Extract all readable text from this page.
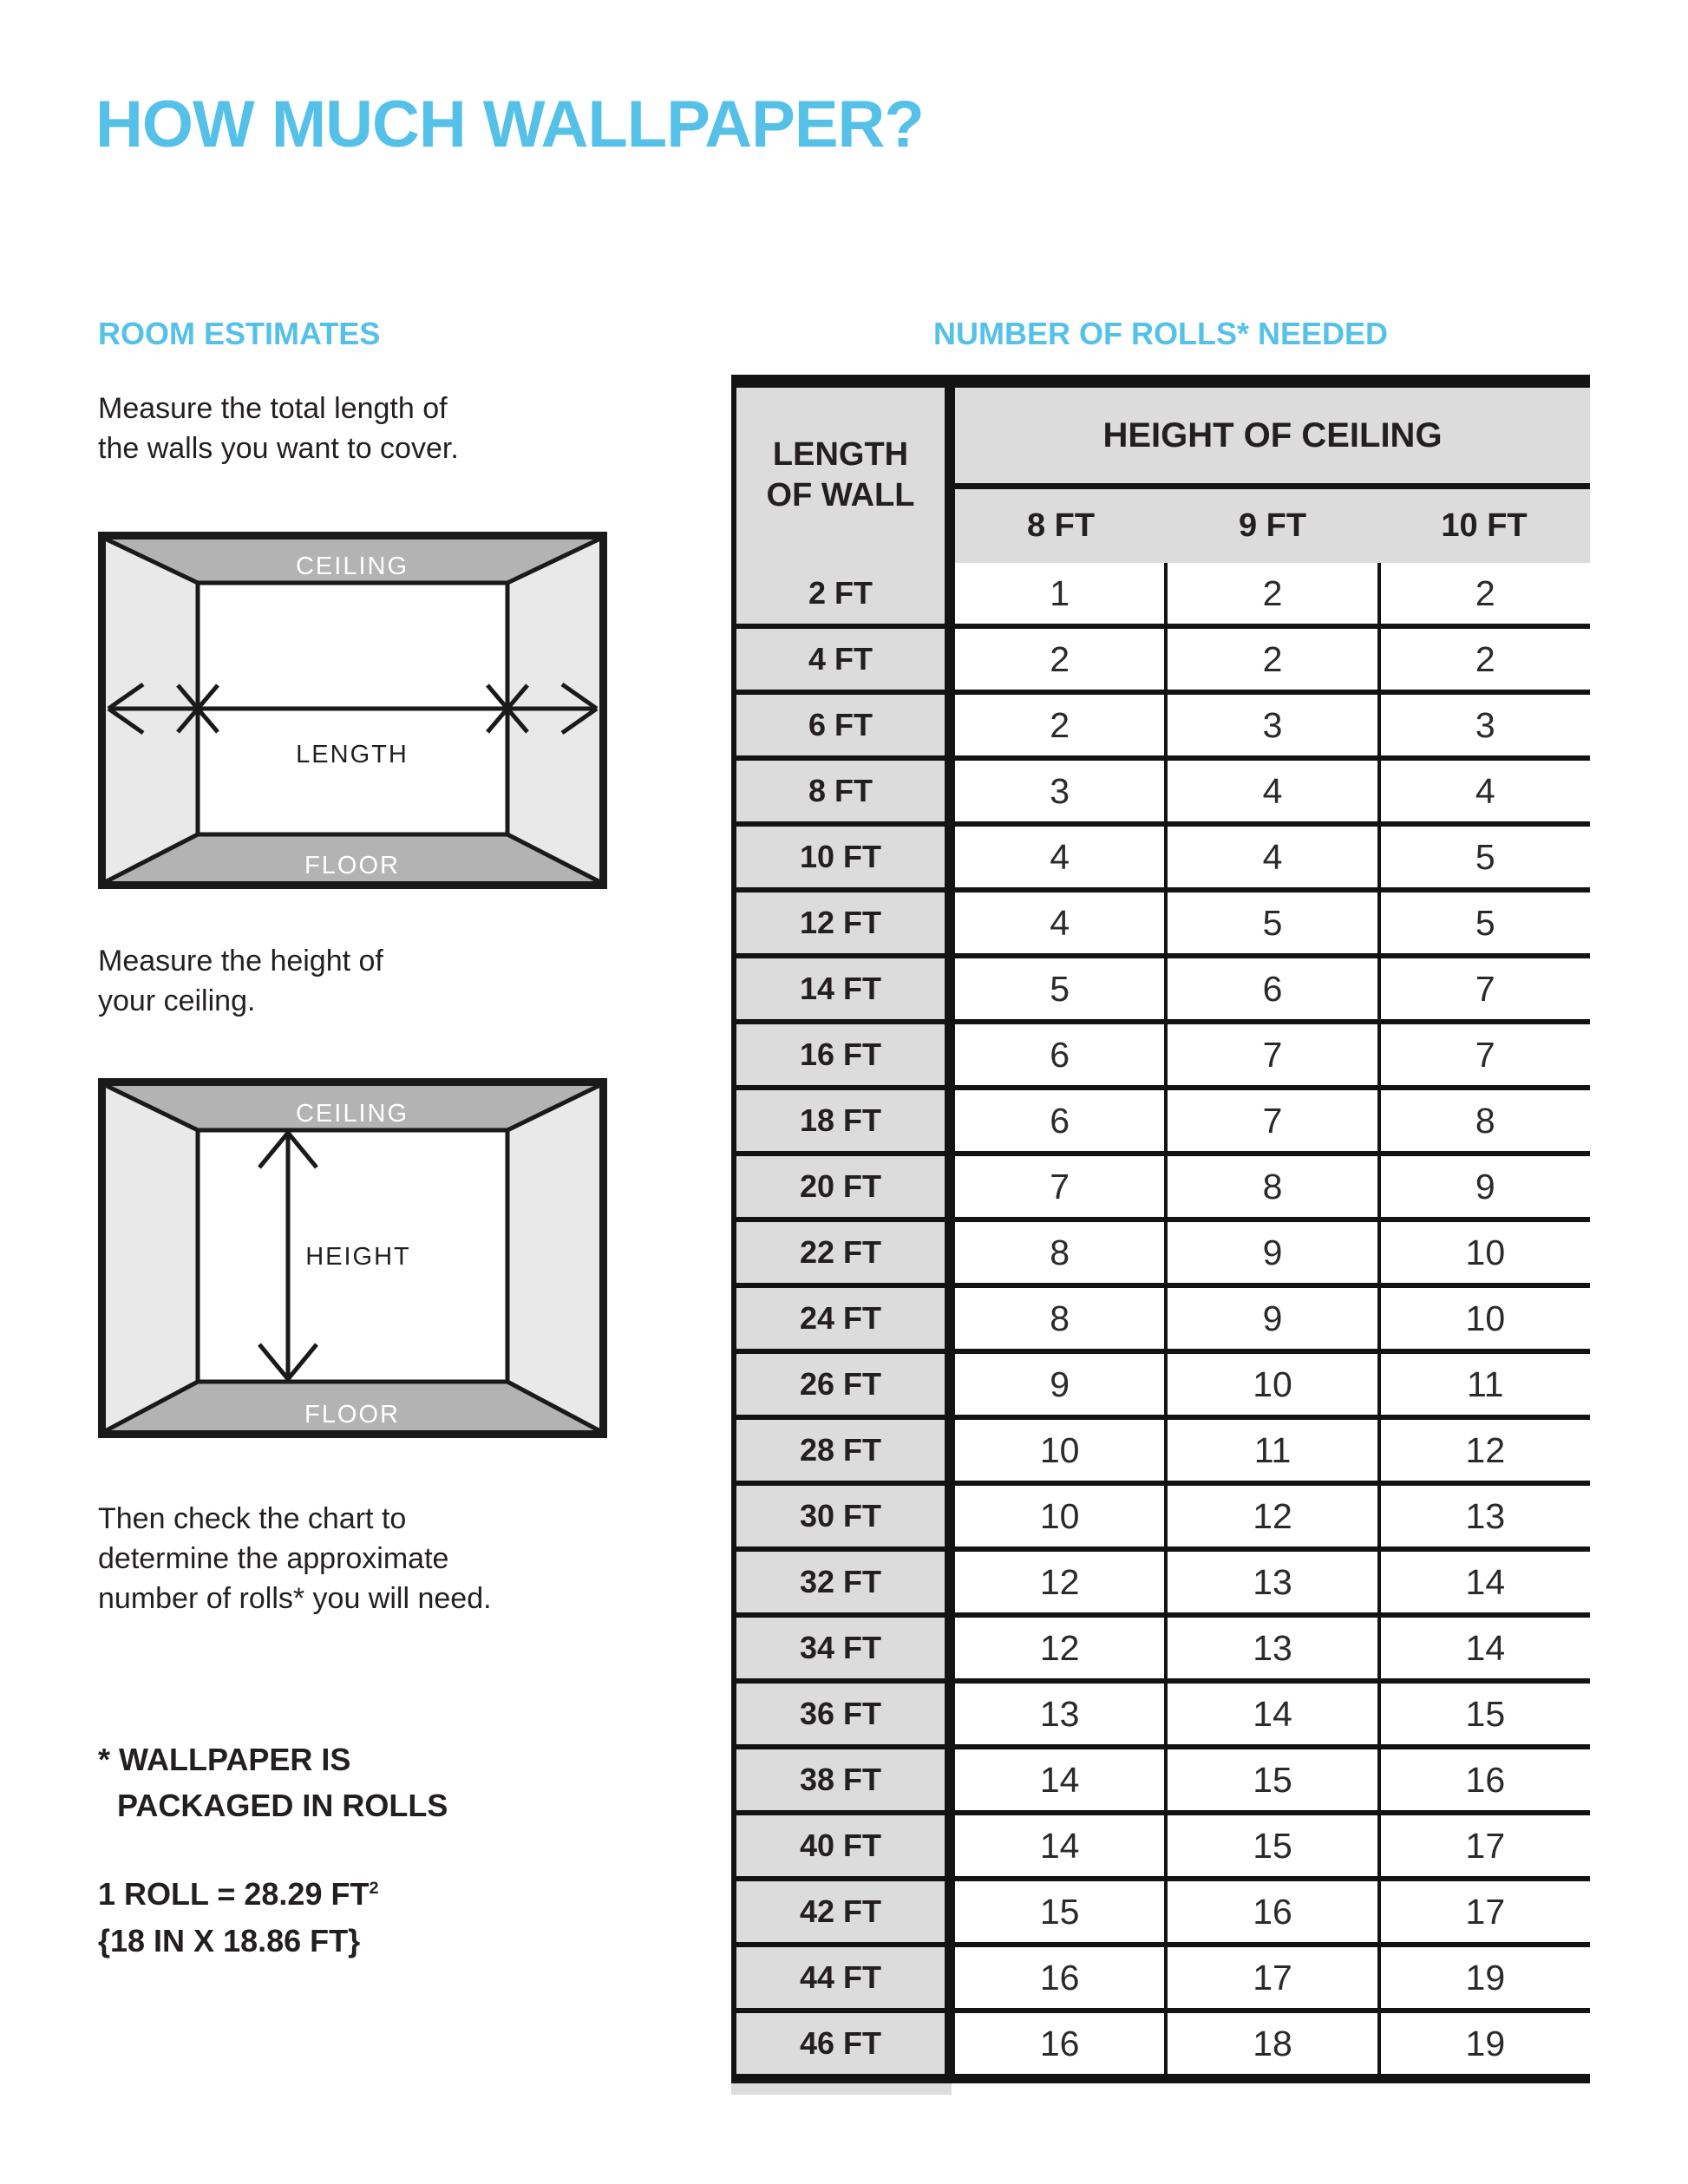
HOW MUCH WALLPAPER?
ROOM ESTIMATES	NUMBER OF ROLLS* NEEDED
Measure the total length of
the walls you want to cover.
CEILING
FLOOR
LENGTH
Measure the height of
your ceiling.
CEILING
FLOOR
HEIGHT
Then check the chart to
determine the approximate
number of rolls* you will need.
* WALLPAPER IS
PACKAGED IN ROLLS
1 ROLL = 28.29 $FT^2$
{18 IN X 18.86 FT}
LENGTH OF WALL
HEIGHT OF CEILING
8 FT	9 FT	10 FT
2 FT	1	2	2
4 FT	2	2	2
6 FT	2	3	3
8 FT	3	4	4
10 FT	4	4	5
12 FT	4	5	5
14 FT	5	6	7
16 FT	6	7	7
18 FT	6	7	8
20 FT	7	8	9
22 FT	8	9	10
24 FT	8	9	10
26 FT	9	10	11
28 FT	10	11	12
30 FT	10	12	13
32 FT	12	13	14
34 FT	12	13	14
36 FT	13	14	15
38 FT	14	15	16
40 FT	14	15	17
42 FT	15	16	17
44 FT	16	17	19
46 FT	16	18	19
